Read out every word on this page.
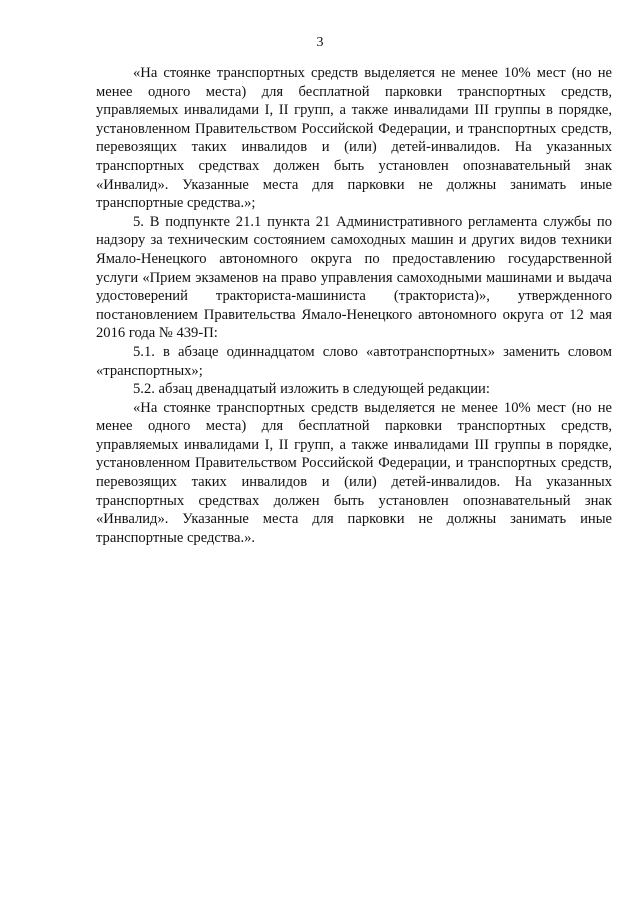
3

«На стоянке транспортных средств выделяется не менее 10% мест (но не менее одного места) для бесплатной парковки транспортных средств, управляемых инвалидами I, II групп, а также инвалидами III группы в порядке, установленном Правительством Российской Федерации, и транспортных средств, перевозящих таких инвалидов и (или) детей-инвалидов. На указанных транспортных средствах должен быть установлен опознавательный знак «Инвалид». Указанные места для парковки не должны занимать иные транспортные средства.»;

5. В подпункте 21.1 пункта 21 Административного регламента службы по надзору за техническим состоянием самоходных машин и других видов техники Ямало-Ненецкого автономного округа по предоставлению государственной услуги «Прием экзаменов на право управления самоходными машинами и выдача удостоверений тракториста-машиниста (тракториста)», утвержденного постановлением Правительства Ямало-Ненецкого автономного округа от 12 мая 2016 года № 439-П:

5.1. в абзаце одиннадцатом слово «автотранспортных» заменить словом «транспортных»;

5.2. абзац двенадцатый изложить в следующей редакции:

«На стоянке транспортных средств выделяется не менее 10% мест (но не менее одного места) для бесплатной парковки транспортных средств, управляемых инвалидами I, II групп, а также инвалидами III группы в порядке, установленном Правительством Российской Федерации, и транспортных средств, перевозящих таких инвалидов и (или) детей-инвалидов. На указанных транспортных средствах должен быть установлен опознавательный знак «Инвалид». Указанные места для парковки не должны занимать иные транспортные средства.».
